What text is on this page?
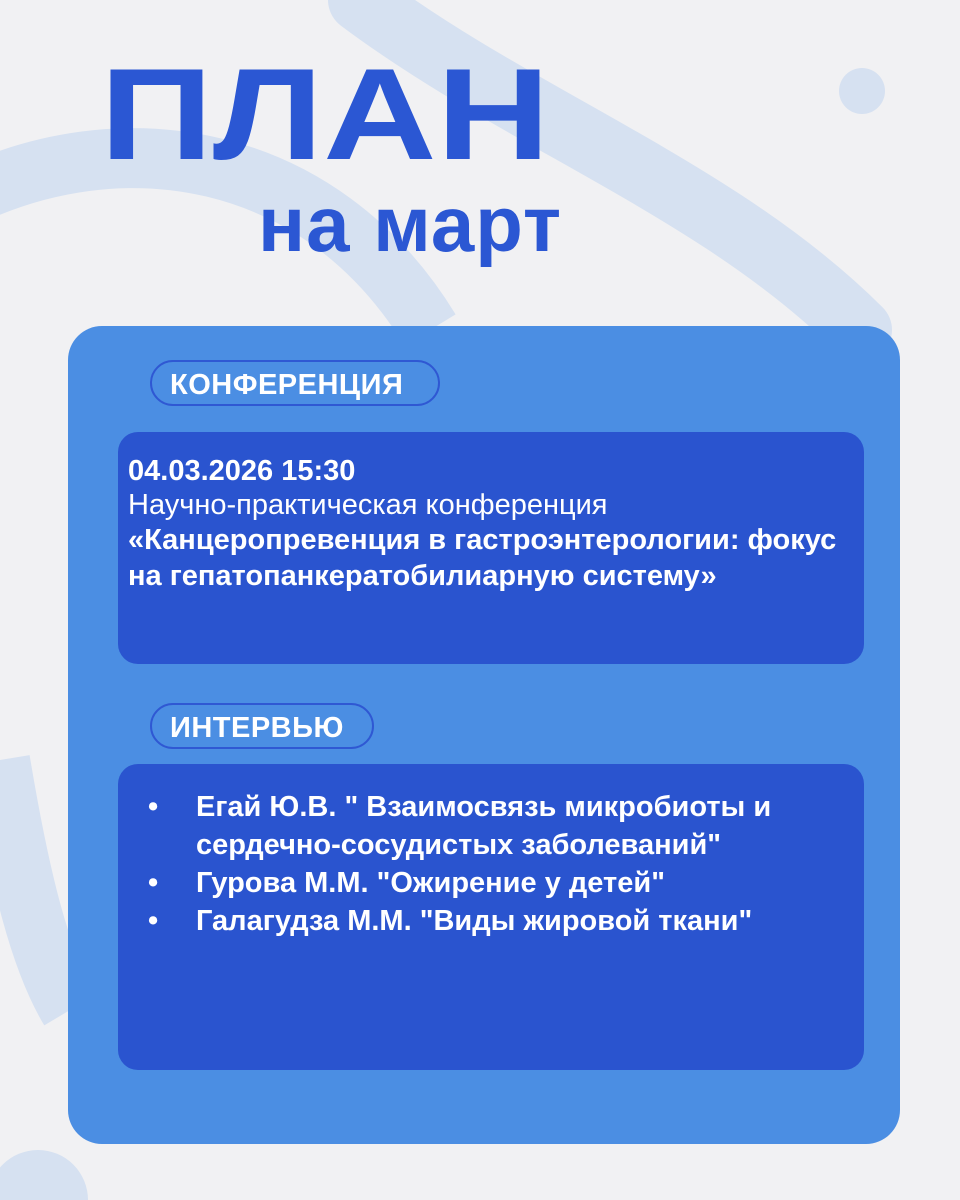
ПЛАН
на март
КОНФЕРЕНЦИЯ
04.03.2026 15:30
Научно-практическая конференция
«Канцеропревенция в гастроэнтерологии: фокус на гепатопанкератобилиарную систему»
ИНТЕРВЬЮ
• Егай Ю.В. " Взаимосвязь микробиоты и сердечно-сосудистых заболеваний"
• Гурова М.М. "Ожирение у детей"
• Галагудза М.М. "Виды жировой ткани"
